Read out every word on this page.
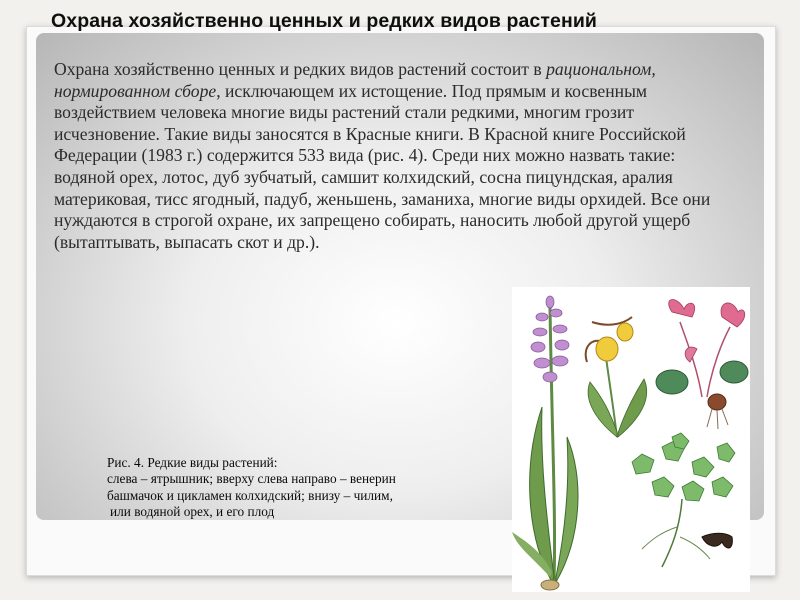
Охрана хозяйственно ценных и редких видов растений

Охрана хозяйственно ценных и редких видов растений состоит в рациональном, нормированном сборе, исключающем их истощение. Под прямым и косвенным воздействием человека многие виды растений стали редкими, многим грозит исчезновение. Такие виды заносятся в Красные книги. В Красной книге Российской Федерации (1983 г.) содержится 533 вида (рис. 4). Среди них можно назвать такие: водяной орех, лотос, дуб зубчатый, самшит колхидский, сосна пицундская, аралия материковая, тисс ягодный, падуб, женьшень, заманиха, многие виды орхидей. Все они нуждаются в строгой охране, их запрещено собирать, наносить любой другой ущерб (вытаптывать, выпасать скот и др.).

Рис. 4. Редкие виды растений:
слева – ятрышник; вверху слева направо – венерин
башмачок и цикламен колхидский; внизу – чилим,
или водяной орех, и его плод
